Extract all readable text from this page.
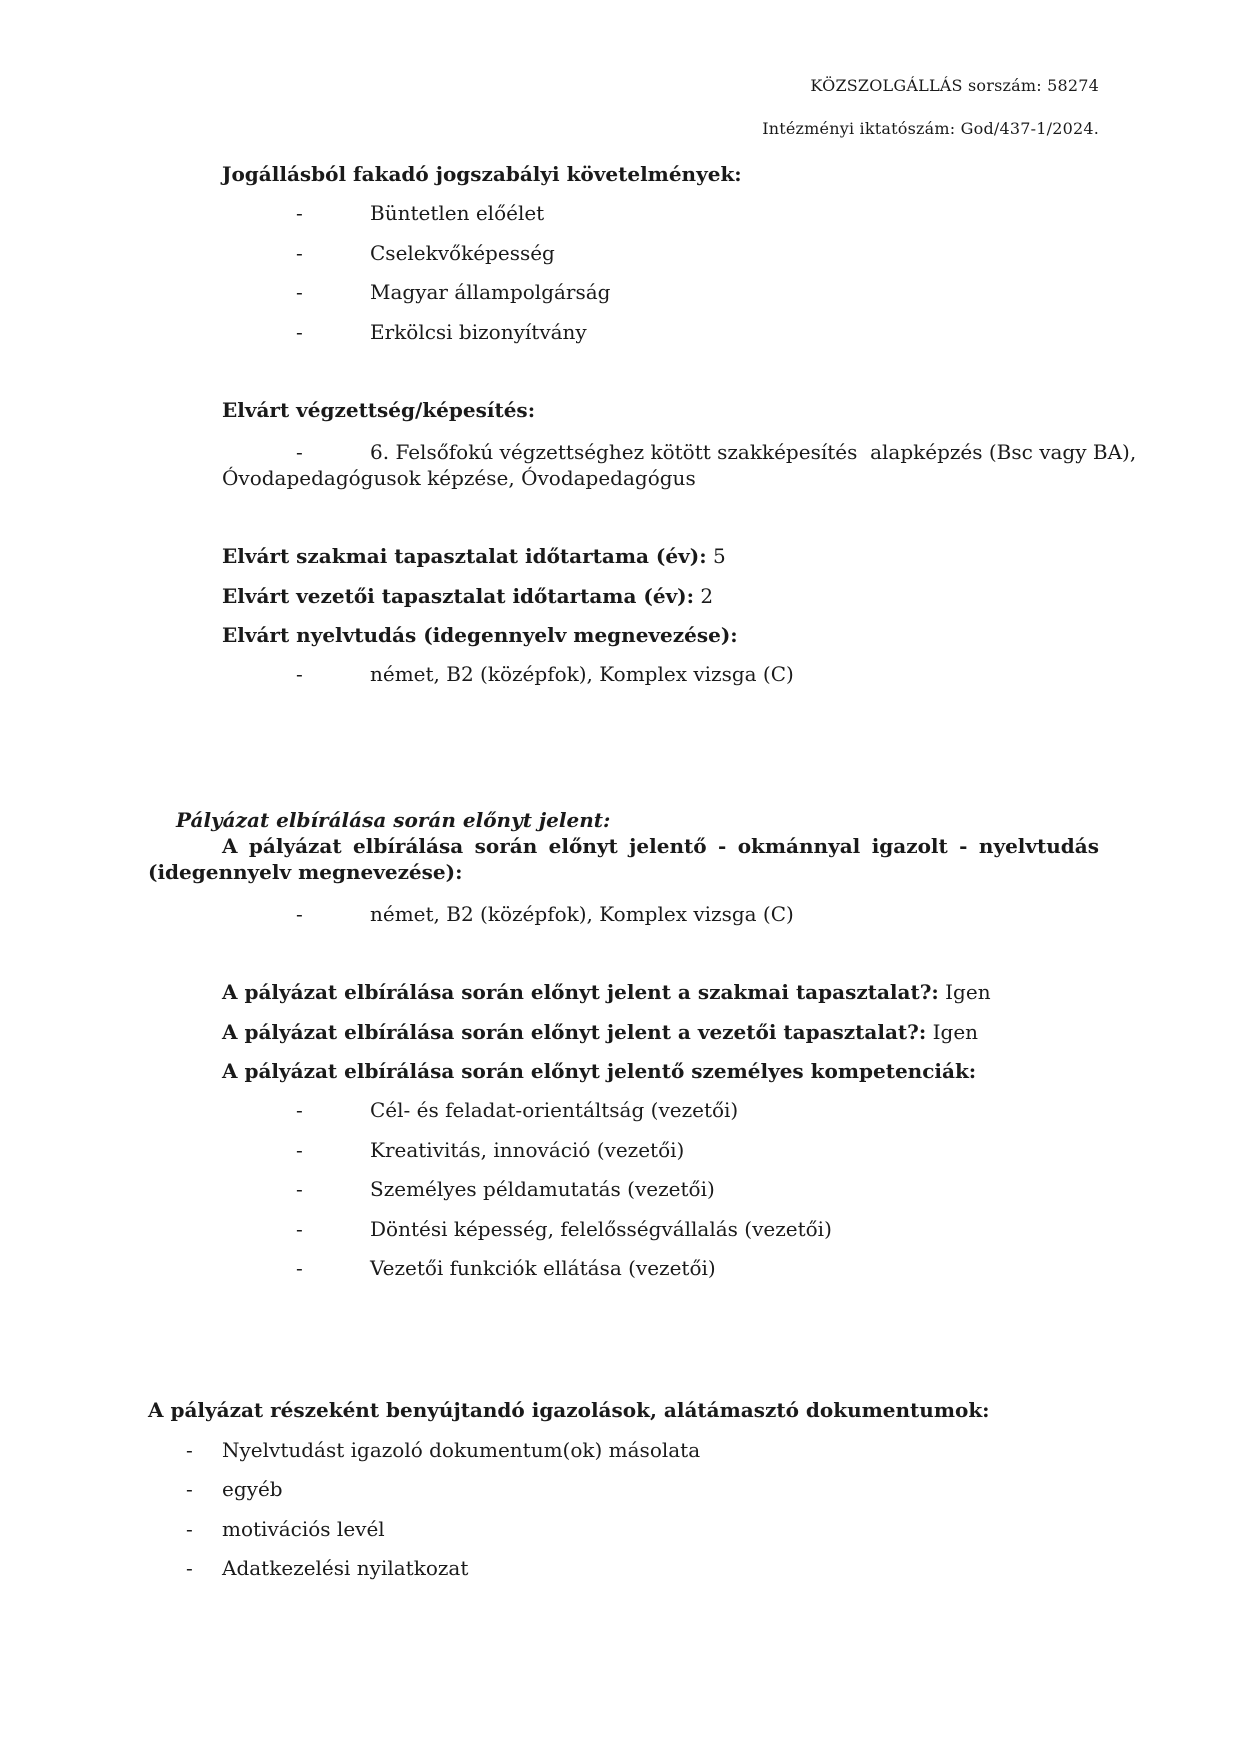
KÖZSZOLGÁLLÁS sorszám: 58274
Intézményi iktatószám: God/437-1/2024.
Jogállásból fakadó jogszabályi követelmények:
-	Büntetlen előélet
-	Cselekvőképesség
-	Magyar állampolgárság
-	Erkölcsi bizonyítvány
Elvárt végzettség/képesítés:
-	6. Felsőfokú végzettséghez kötött szakképesítés  alapképzés (Bsc vagy BA),
Óvodapedagógusok képzése, Óvodapedagógus
Elvárt szakmai tapasztalat időtartama (év): 5
Elvárt vezetői tapasztalat időtartama (év): 2
Elvárt nyelvtudás (idegennyelv megnevezése):
-	német, B2 (középfok), Komplex vizsga (C)
Pályázat elbírálása során előnyt jelent:
A pályázat elbírálása során előnyt jelentő - okmánnyal igazolt - nyelvtudás
(idegennyelv megnevezése):
-	német, B2 (középfok), Komplex vizsga (C)
A pályázat elbírálása során előnyt jelent a szakmai tapasztalat?: Igen
A pályázat elbírálása során előnyt jelent a vezetői tapasztalat?: Igen
A pályázat elbírálása során előnyt jelentő személyes kompetenciák:
-	Cél- és feladat-orientáltság (vezetői)
-	Kreativitás, innováció (vezetői)
-	Személyes példamutatás (vezetői)
-	Döntési képesség, felelősségvállalás (vezetői)
-	Vezetői funkciók ellátása (vezetői)
A pályázat részeként benyújtandó igazolások, alátámasztó dokumentumok:
- Nyelvtudást igazoló dokumentum(ok) másolata
- egyéb
- motivációs levél
- Adatkezelési nyilatkozat
